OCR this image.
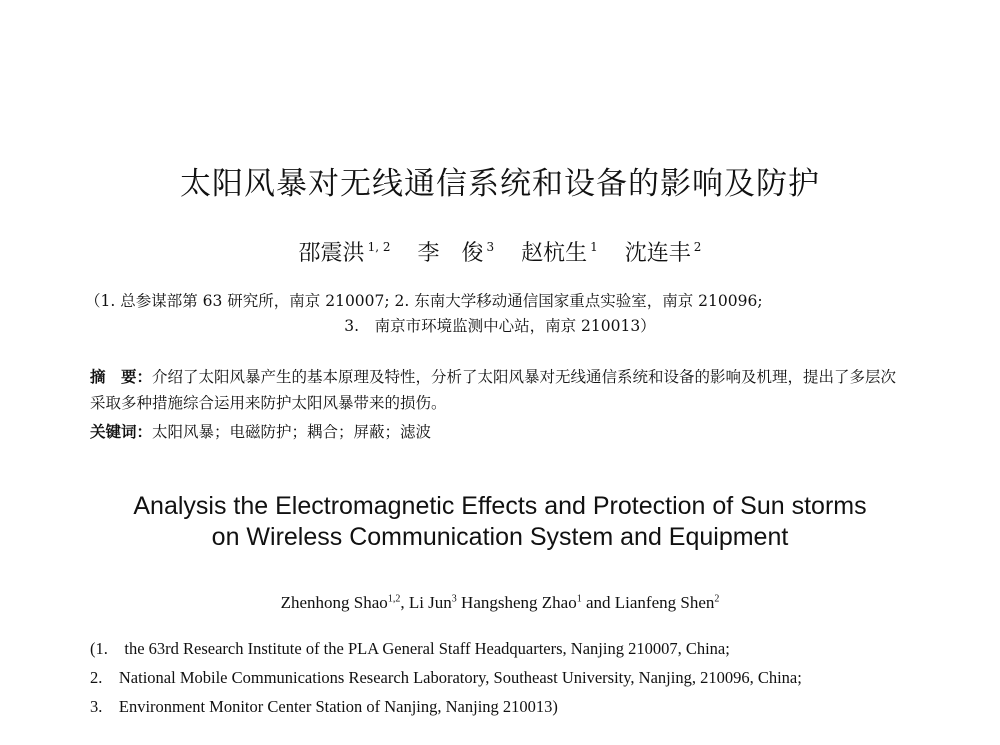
太阳风暴对无线通信系统和设备的影响及防护
邵震洪 $^{1, 2}$ 李　俊 $^3$ 赵杭生 $^1$ 沈连丰 $^2$
（1. 总参谋部第 63 研究所，南京 210007; 2. 东南大学移动通信国家重点实验室，南京 210096;
3.　南京市环境监测中心站，南京 210013）
摘　要：介绍了太阳风暴产生的基本原理及特性，分析了太阳风暴对无线通信系统和设备的影响及机理，提出了多层次采取多种措施综合运用来防护太阳风暴带来的损伤。
关键词：太阳风暴；电磁防护；耦合；屏蔽；滤波
Analysis the Electromagnetic Effects and Protection of Sun storms
on Wireless Communication System and Equipment
Zhenhong Shao$^{1,2}$, Li Jun$^3$ Hangsheng Zhao$^1$ and Lianfeng Shen$^2$
(1.　the 63rd Research Institute of the PLA General Staff Headquarters, Nanjing 210007, China;
2.　National Mobile Communications Research Laboratory, Southeast University, Nanjing, 210096, China;
3.　Environment Monitor Center Station of Nanjing, Nanjing 210013)
